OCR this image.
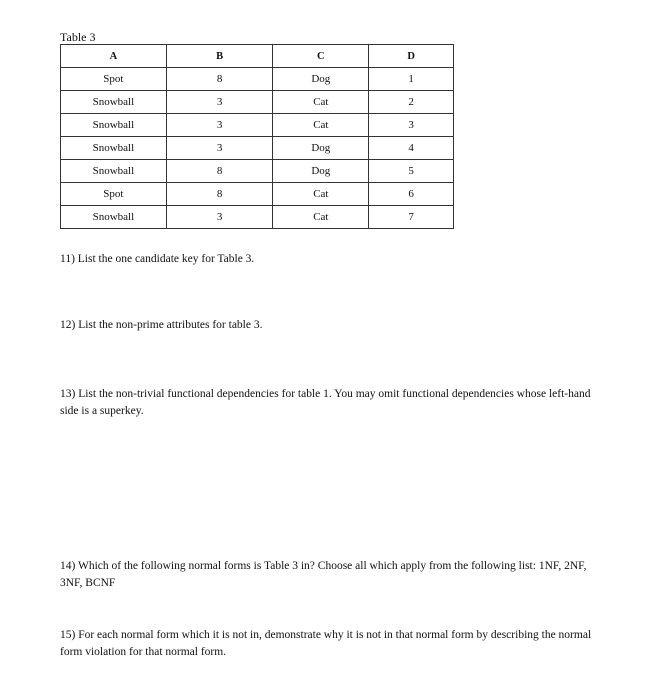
Table 3
A	B	C	D
Spot	8	Dog	1
Snowball	3	Cat	2
Snowball	3	Cat	3
Snowball	3	Dog	4
Snowball	8	Dog	5
Spot	8	Cat	6
Snowball	3	Cat	7
11) List the one candidate key for Table 3.
12) List the non-prime attributes for table 3.
13) List the non-trivial functional dependencies for table 1. You may omit functional dependencies whose left-hand side is a superkey.
14) Which of the following normal forms is Table 3 in? Choose all which apply from the following list: 1NF, 2NF, 3NF, BCNF
15) For each normal form which it is not in, demonstrate why it is not in that normal form by describing the normal form violation for that normal form.
